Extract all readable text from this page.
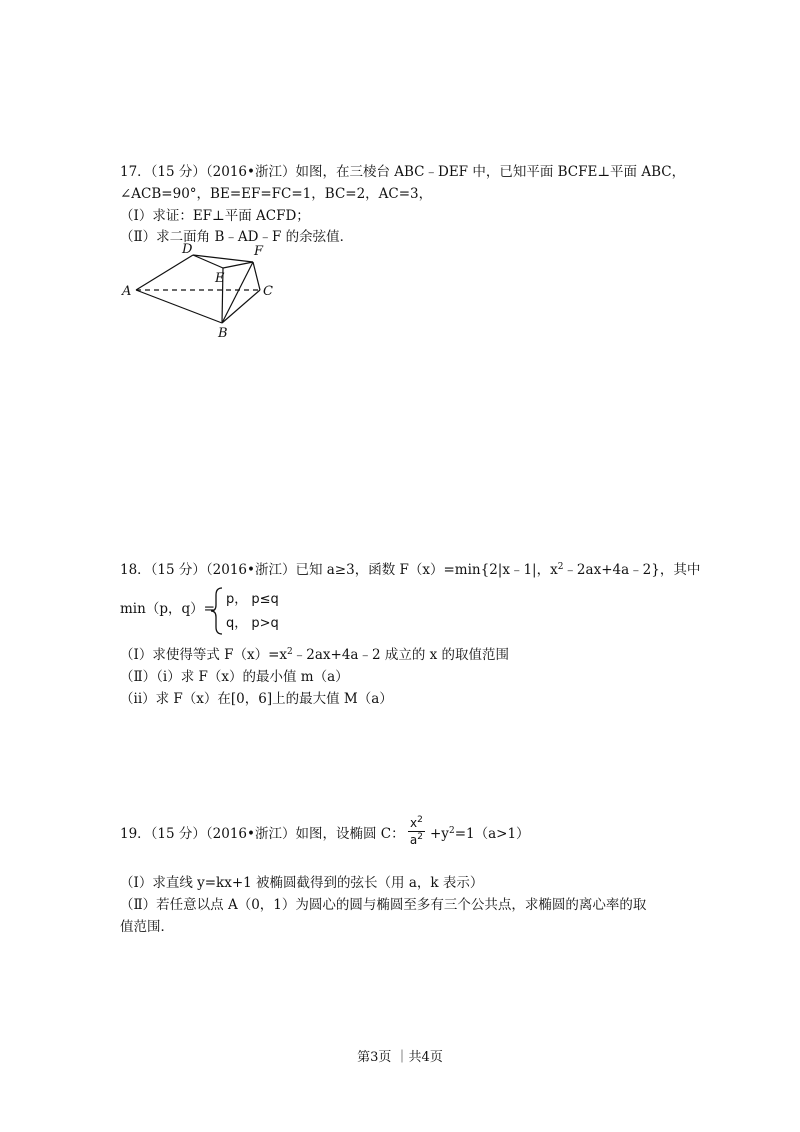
17．（15 分）（2016•浙江）如图，在三棱台 ABC﹣DEF 中，已知平面 BCFE⊥平面 ABC，
∠ACB=90°，BE=EF=FC=1，BC=2，AC=3，
（Ⅰ）求证：EF⊥平面 ACFD；
（Ⅱ）求二面角 B﹣AD﹣F 的余弦值．
A
B
C
D
E
F
18．（15 分）（2016•浙江）已知 a≥3，函数 F（x）=min{2|x﹣1|，$x^2﹣2ax+4a﹣2$}，其中
min（p，q）=
p， p≤q
q， p>q
（Ⅰ）求使得等式 $F(x)=x^2﹣2ax+4a﹣2$ 成立的 x 的取值范围
（Ⅱ）（i）求 F（x）的最小值 m（a）
（ii）求 F（x）在[0，6]上的最大值 M（a）
19．（15 分）（2016•浙江）如图，设椭圆 C： $\frac{x^2}{a^2} +y^2=1(a>1)$
（Ⅰ）求直线 y=kx+1 被椭圆截得到的弦长（用 a，k 表示）
（Ⅱ）若任意以点 A（0，1）为圆心的圆与椭圆至多有三个公共点，求椭圆的离心率的取
值范围．
第3页 ｜共4页
